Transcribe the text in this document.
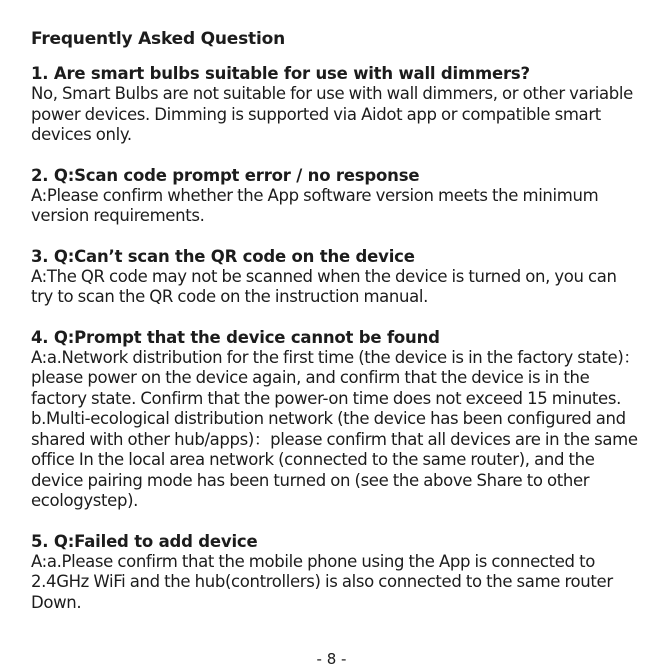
Frequently Asked Question
1. Are smart bulbs suitable for use with wall dimmers?

No, Smart Bulbs are not suitable for use with wall dimmers, or other variable power devices. Dimming is supported via Aidot app or compatible smart devices only.

2. Q:Scan code prompt error / no response

A:Please confirm whether the App software version meets the minimum version requirements.

3. Q:Can’t scan the QR code on the device

A:The QR code may not be scanned when the device is turned on, you can try to scan the QR code on the instruction manual.

4. Q:Prompt that the device cannot be found

A:a.Network distribution for the first time (the device is in the factory state)：please power on the device again, and confirm that the device is in the factory state. Confirm that the power-on time does not exceed 15 minutes.

b.Multi-ecological distribution network (the device has been configured and shared with other hub/apps)：please confirm that all devices are in the same office In the local area network (connected to the same router), and the device pairing mode has been turned on (see the above Share to other ecologystep).

5. Q:Failed to add device

A:a.Please confirm that the mobile phone using the App is connected to 2.4GHz WiFi and the hub(controllers) is also connected to the same router Down.

- 8 -
